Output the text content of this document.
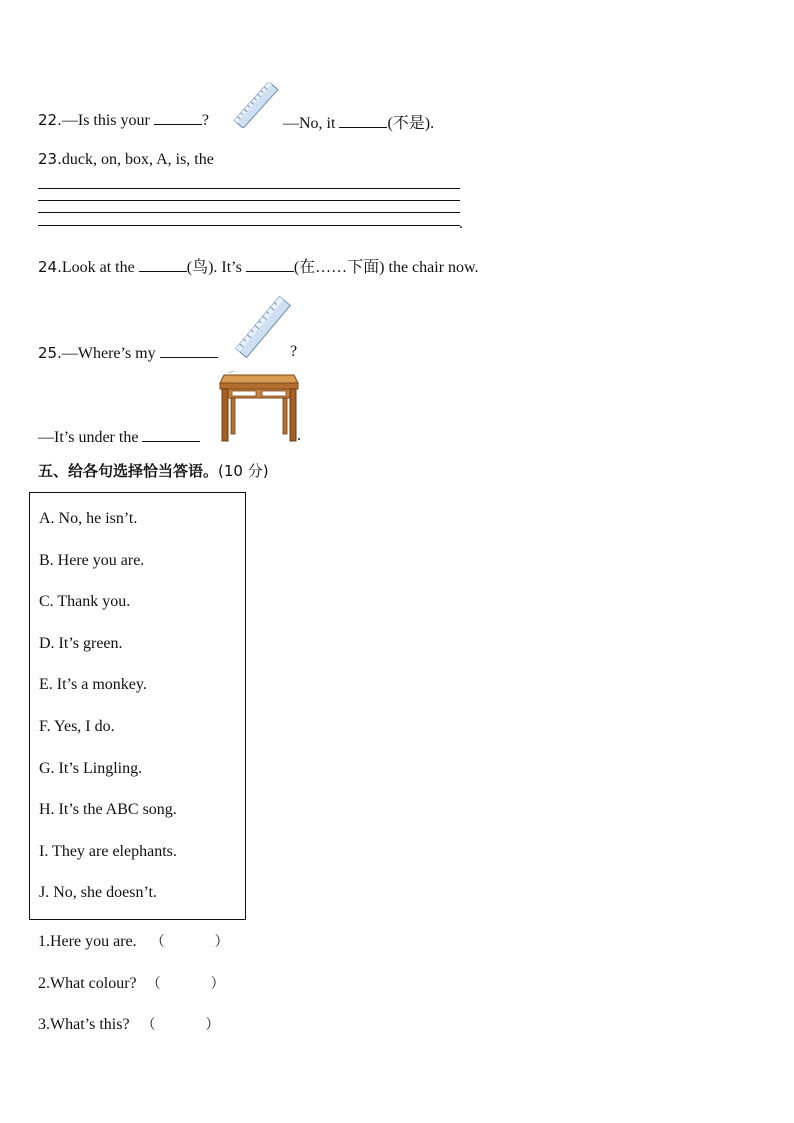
22.—Is this your	?	—No, it	(不是).
23.duck, on, box, A, is, the
.
24.Look at the	(鸟). It’s	(在……下面) the chair now.
25.—Where’s my	?
—It’s under the	.
五、给各句选择恰当答语。(10 分)
A. No, he isn’t.
B. Here you are.
C. Thank you.
D. It’s green.
E. It’s a monkey.
F. Yes, I do.
G. It’s Lingling.
H. It’s the ABC song.
I. They are elephants.
J. No, she doesn’t.
1.Here you are. （	）
2.What colour? （	）
3.What’s this? （	）
